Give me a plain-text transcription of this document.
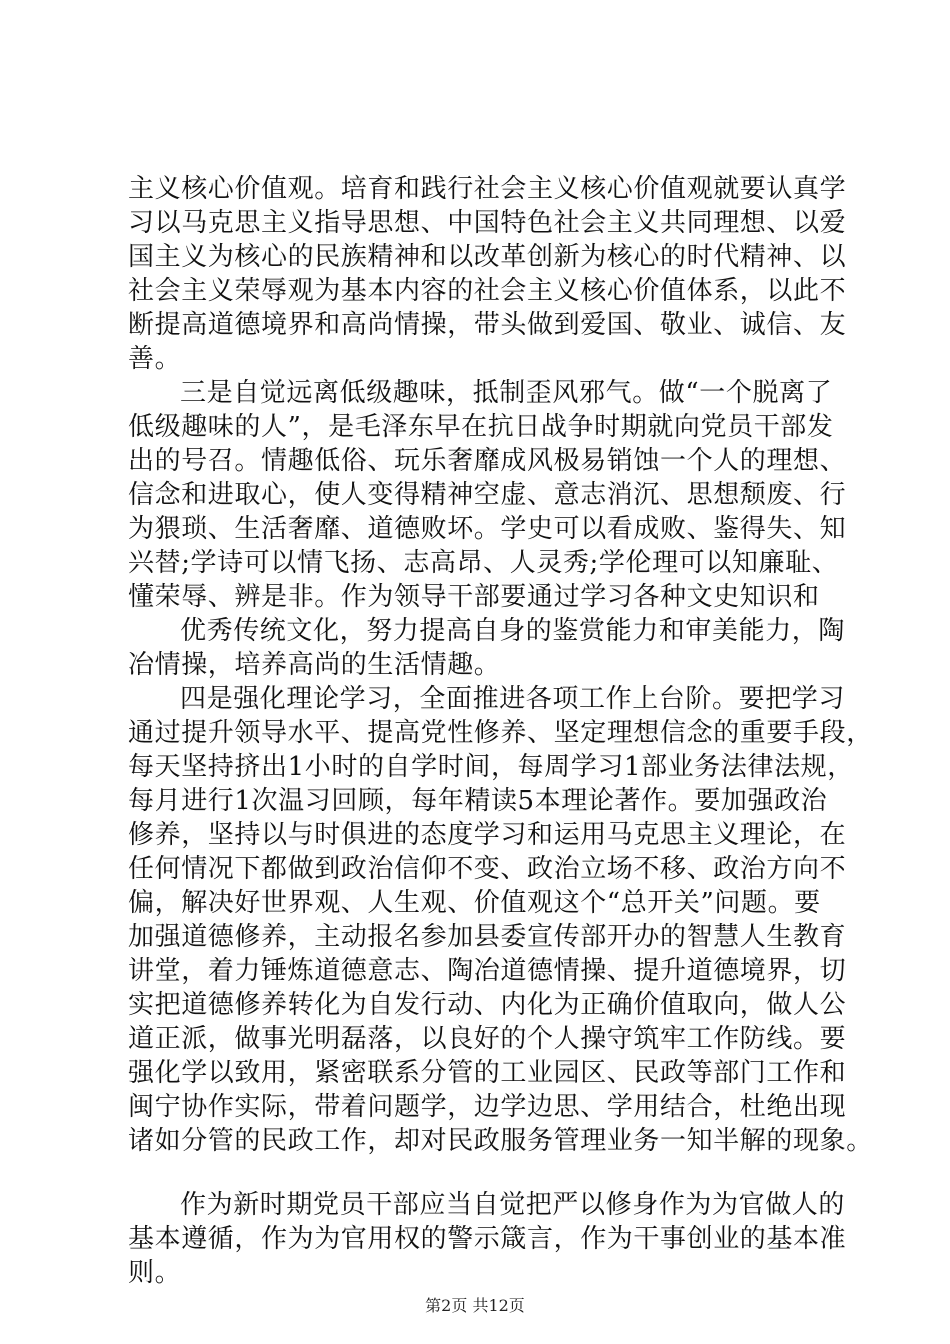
主义核心价值观。培育和践行社会主义核心价值观就要认真学
习以马克思主义指导思想、中国特色社会主义共同理想、以爱
国主义为核心的民族精神和以改革创新为核心的时代精神、以
社会主义荣辱观为基本内容的社会主义核心价值体系，以此不
断提高道德境界和高尚情操，带头做到爱国、敬业、诚信、友
善。
三是自觉远离低级趣味，抵制歪风邪气。做“一个脱离了
低级趣味的人”，是毛泽东早在抗日战争时期就向党员干部发
出的号召。情趣低俗、玩乐奢靡成风极易销蚀一个人的理想、
信念和进取心，使人变得精神空虚、意志消沉、思想颓废、行
为猥琐、生活奢靡、道德败坏。学史可以看成败、鉴得失、知
兴替;学诗可以情飞扬、志高昂、人灵秀;学伦理可以知廉耻、
懂荣辱、辨是非。作为领导干部要通过学习各种文史知识和
优秀传统文化，努力提高自身的鉴赏能力和审美能力，陶
冶情操，培养高尚的生活情趣。
四是强化理论学习，全面推进各项工作上台阶。要把学习
通过提升领导水平、提高党性修养、坚定理想信念的重要手段，
每天坚持挤出1小时的自学时间，每周学习1部业务法律法规，
每月进行1次温习回顾，每年精读5本理论著作。要加强政治
修养，坚持以与时俱进的态度学习和运用马克思主义理论，在
任何情况下都做到政治信仰不变、政治立场不移、政治方向不
偏，解决好世界观、人生观、价值观这个“总开关”问题。要
加强道德修养，主动报名参加县委宣传部开办的智慧人生教育
讲堂，着力锤炼道德意志、陶冶道德情操、提升道德境界，切
实把道德修养转化为自发行动、内化为正确价值取向，做人公
道正派，做事光明磊落，以良好的个人操守筑牢工作防线。要
强化学以致用，紧密联系分管的工业园区、民政等部门工作和
闽宁协作实际，带着问题学，边学边思、学用结合，杜绝出现
诸如分管的民政工作，却对民政服务管理业务一知半解的现象。
作为新时期党员干部应当自觉把严以修身作为为官做人的
基本遵循，作为为官用权的警示箴言，作为干事创业的基本准
则。
第2页 共12页
